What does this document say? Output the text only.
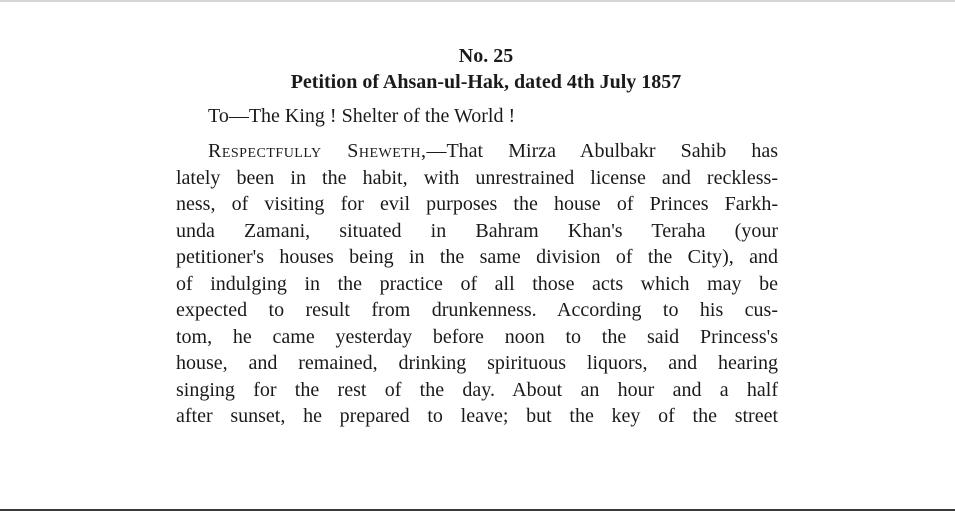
No. 25
Petition of Ahsan-ul-Hak, dated 4th July 1857

To—The King ! Shelter of the World !

Respectfully Sheweth,—That Mirza Abulbakr Sahib has
lately been in the habit, with unrestrained license and reckless-
ness, of visiting for evil purposes the house of Princes Farkh-
unda Zamani, situated in Bahram Khan's Teraha (your
petitioner's houses being in the same division of the City), and
of indulging in the practice of all those acts which may be
expected to result from drunkenness. According to his cus-
tom, he came yesterday before noon to the said Princess's
house, and remained, drinking spirituous liquors, and hearing
singing for the rest of the day. About an hour and a half
after sunset, he prepared to leave; but the key of the street
